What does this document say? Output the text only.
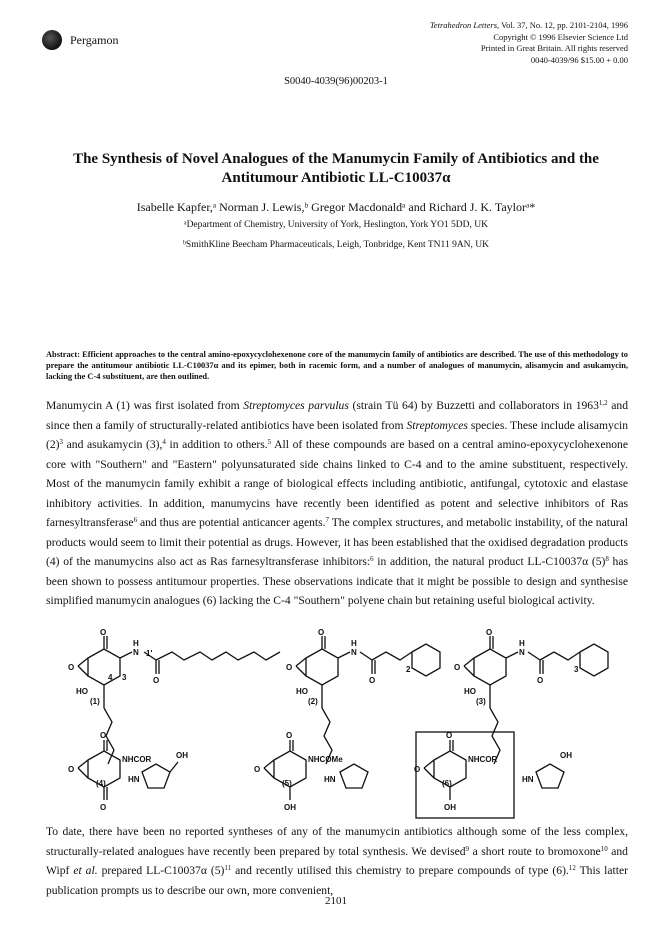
Pergamon
Tetrahedron Letters, Vol. 37, No. 12, pp. 2101-2104, 1996
Copyright © 1996 Elsevier Science Ltd
Printed in Great Britain. All rights reserved
0040-4039/96 $15.00 + 0.00
S0040-4039(96)00203-1
The Synthesis of Novel Analogues of the Manumycin Family of Antibiotics and the
Antitumour Antibiotic LL-C10037α
Isabelle Kapfer,ᵃ Norman J. Lewis,ᵇ Gregor Macdonaldᵃ and Richard J. K. Taylorᵃ*
ᵃDepartment of Chemistry, University of York, Heslington, York YO1 5DD, UK
ᵇSmithKline Beecham Pharmaceuticals, Leigh, Tonbridge, Kent TN11 9AN, UK
Abstract: Efficient approaches to the central amino-epoxycyclohexenone core of the manumycin family of antibiotics are described. The use of this methodology to prepare the antitumour antibiotic LL-C10037α and its epimer, both in racemic form, and a number of analogues of manumycin, alisamycin and asukamycin, lacking the C-4 substituent, are then outlined.
Manumycin A (1) was first isolated from Streptomyces parvulus (strain Tü 64) by Buzzetti and collaborators in 1963$^{1,2}$ and since then a family of structurally-related antibiotics have been isolated from Streptomyces species. These include alisamycin $(2)^3$ and asukamycin (3),$^4$ in addition to others.$^5$ All of these compounds are based on a central amino-epoxycyclohexenone core with "Southern" and "Eastern" polyunsaturated side chains linked to C-4 and to the amine substituent, respectively. Most of the manumycin family exhibit a range of biological effects including antibiotic, antifungal, cytotoxic and elastase inhibitory activities. In addition, manumycins have recently been identified as potent and selective inhibitors of Ras farnesyltransferase$^6$ and thus are potential anticancer agents.$^7$ The complex structures, and metabolic instability, of the natural products would seem to limit their potential as drugs. However, it has been established that the oxidised degradation products (4) of the manumycins also act as Ras farnesyltransferase inhibitors:$^6$ in addition, the natural product LL-C10037α $(5)^8$ has been shown to possess antitumour properties. These observations indicate that it might be possible to design and synthesise simplified manumycin analogues (6) lacking the C-4 "Southern" polyene chain but retaining useful biological activity.
O
O
N
H
O
4 3
1'
HO
(1)
O
O
N
H
O
2
HO
(2)
O
O
N
H
O
3
HO
(3)
O
O
NHCOR
(4)	HN
OH
O
O
O
NHCOMe
(5)	HN
OH
O
O
NHCOR
(6)	HN
OH
OH
To date, there have been no reported syntheses of any of the manumycin antibiotics although some of the less complex, structurally-related analogues have recently been prepared by total synthesis. We devised$^9$ a short route to bromoxone$^{10}$ and Wipf et al. prepared LL-C10037α $(5)^{11}$ and recently utilised this chemistry to prepare compounds of type (6).$^{12}$ This latter publication prompts us to describe our own, more convenient,
2101
